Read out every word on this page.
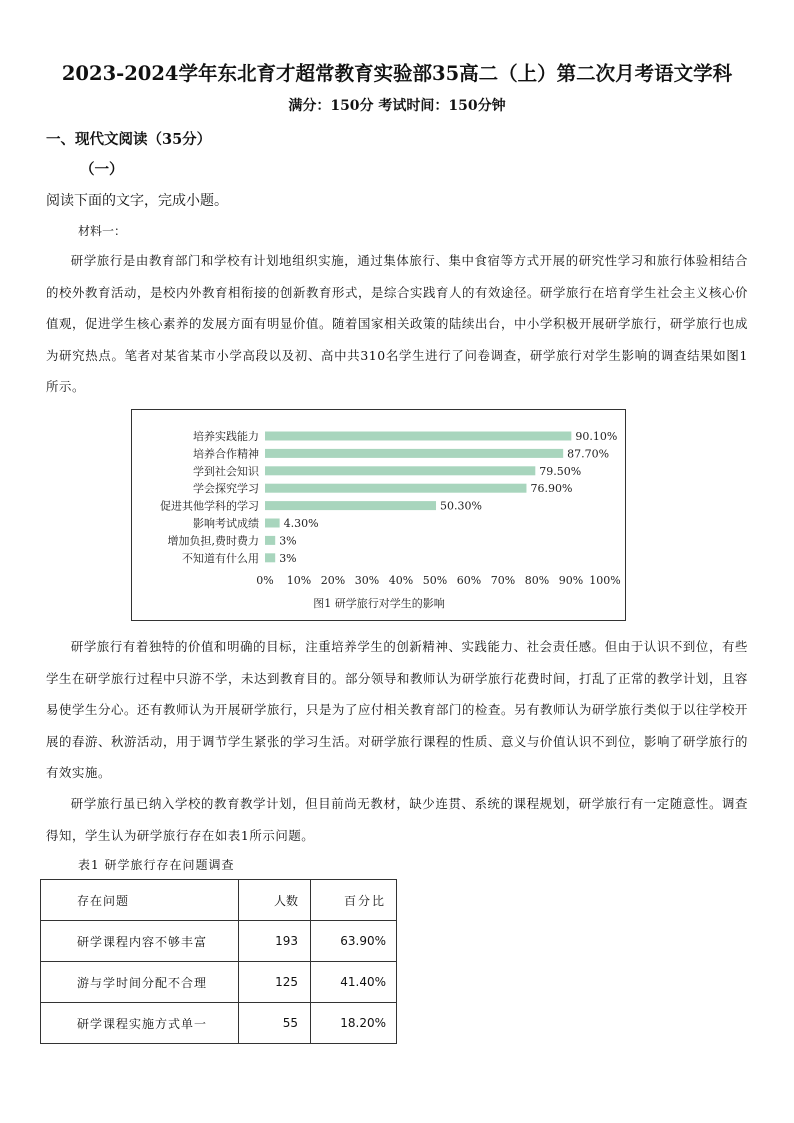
2023-2024学年东北育才超常教育实验部35高二（上）第二次月考语文学科
满分：150分 考试时间：150分钟
一、现代文阅读（35分）
（一）
阅读下面的文字，完成小题。
材料一：

研学旅行是由教育部门和学校有计划地组织实施，通过集体旅行、集中食宿等方式开展的研究性学习和旅行体验相结合的校外教育活动，是校内外教育相衔接的创新教育形式，是综合实践育人的有效途径。研学旅行在培育学生社会主义核心价值观，促进学生核心素养的发展方面有明显价值。随着国家相关政策的陆续出台，中小学积极开展研学旅行，研学旅行也成为研究热点。笔者对某省某市小学高段以及初、高中共310名学生进行了问卷调查，研学旅行对学生影响的调查结果如图1所示。

培养实践能力	90.10%
培养合作精神	87.70%
学到社会知识	79.50%
学会探究学习	76.90%
促进其他学科的学习	50.30%
影响考试成绩 4.30%
增加负担,费时费力 3%
不知道有什么用 3%
0% 10% 20% 30% 40% 50% 60% 70% 80% 90% 100%
图1 研学旅行对学生的影响

研学旅行有着独特的价值和明确的目标，注重培养学生的创新精神、实践能力、社会责任感。但由于认识不到位，有些学生在研学旅行过程中只游不学，未达到教育目的。部分领导和教师认为研学旅行花费时间，打乱了正常的教学计划，且容易使学生分心。还有教师认为开展研学旅行，只是为了应付相关教育部门的检查。另有教师认为研学旅行类似于以往学校开展的春游、秋游活动，用于调节学生紧张的学习生活。对研学旅行课程的性质、意义与价值认识不到位，影响了研学旅行的有效实施。

研学旅行虽已纳入学校的教育教学计划，但目前尚无教材，缺少连贯、系统的课程规划，研学旅行有一定随意性。调查得知，学生认为研学旅行存在如表1所示问题。

表1 研学旅行存在问题调查
存在问题	人数	百分比
研学课程内容不够丰富	193	63.90%
游与学时间分配不合理	125	41.40%
研学课程实施方式单一	55	18.20%
